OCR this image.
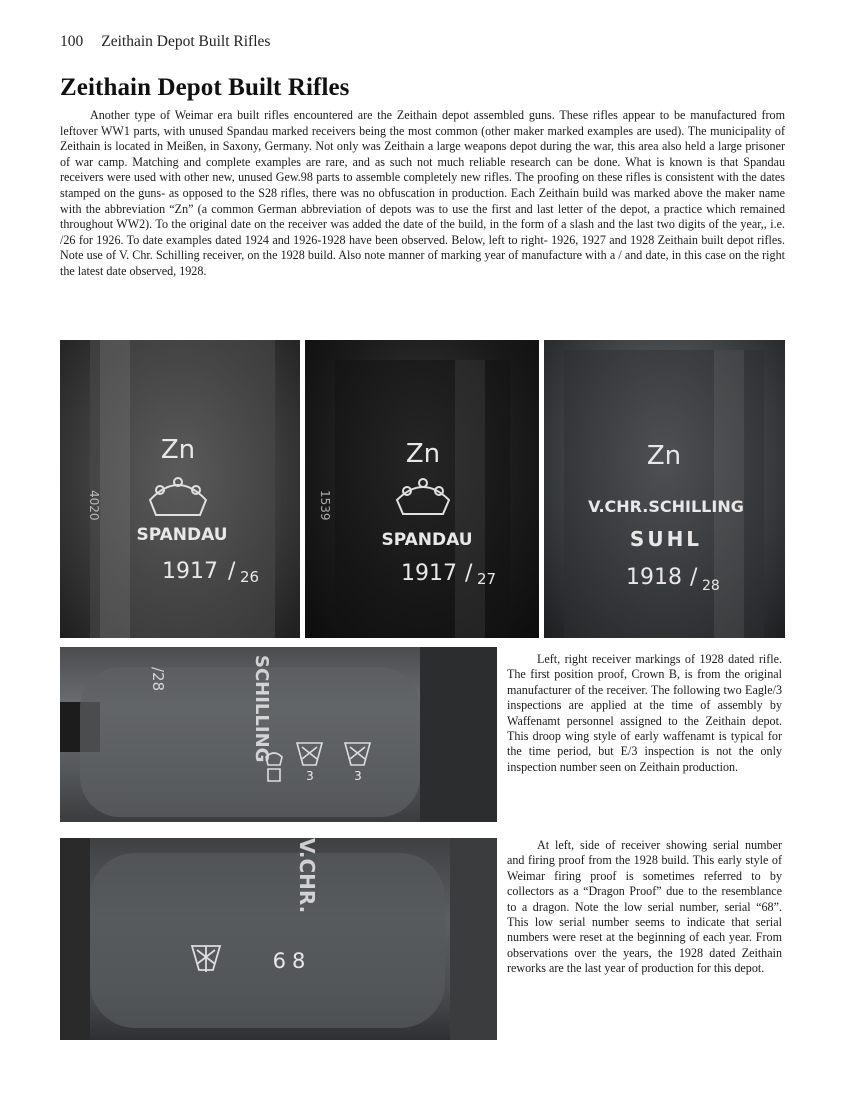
100 Zeithain Depot Built Rifles
Zeithain Depot Built Rifles

Another type of Weimar era built rifles encountered are the Zeithain depot assembled guns. These rifles appear to be manufactured from leftover WW1 parts, with unused Spandau marked receivers being the most common (other maker marked examples are used). The municipality of Zeithain is located in Meißen, in Saxony, Germany. Not only was Zeithain a large weapons depot during the war, this area also held a large prisoner of war camp. Matching and complete examples are rare, and as such not much reliable research can be done. What is known is that Spandau receivers were used with other new, unused Gew.98 parts to assemble completely new rifles. The proofing on these rifles is consistent with the dates stamped on the guns- as opposed to the S28 rifles, there was no obfuscation in production. Each Zeithain build was marked above the maker name with the abbreviation “Zn” (a common German abbreviation of depots was to use the first and last letter of the depot, a practice which remained throughout WW2). To the original date on the receiver was added the date of the build, in the form of a slash and the last two digits of the year,, i.e. /26 for 1926. To date examples dated 1924 and 1926-1928 have been observed. Below, left to right- 1926, 1927 and 1928 Zeithain built depot rifles. Note use of V. Chr. Schilling receiver, on the 1928 build. Also note manner of marking year of manufacture with a / and date, in this case on the right the latest date observed, 1928.

Zn
SPANDAU
1917 / 26
4020
Zn
SPANDAU
1917 / 27
1539
Zn
V.CHR.SCHILLING
SUHL
1918 / 28
SCHILLING
/28
3	3
V.CHR.
68

Left, right receiver markings of 1928 dated rifle. The first position proof, Crown B, is from the original manufacturer of the receiver. The following two Eagle/3 inspections are applied at the time of assembly by Waffenamt personnel assigned to the Zeithain depot. This droop wing style of early waffenamt is typical for the time period, but E/3 inspection is not the only inspection number seen on Zeithain production.

At left, side of receiver showing serial number and firing proof from the 1928 build. This early style of Weimar firing proof is sometimes referred to by collectors as a “Dragon Proof” due to the resemblance to a dragon. Note the low serial number, serial “68”. This low serial number seems to indicate that serial numbers were reset at the beginning of each year. From observations over the years, the 1928 dated Zeithain reworks are the last year of production for this depot.
